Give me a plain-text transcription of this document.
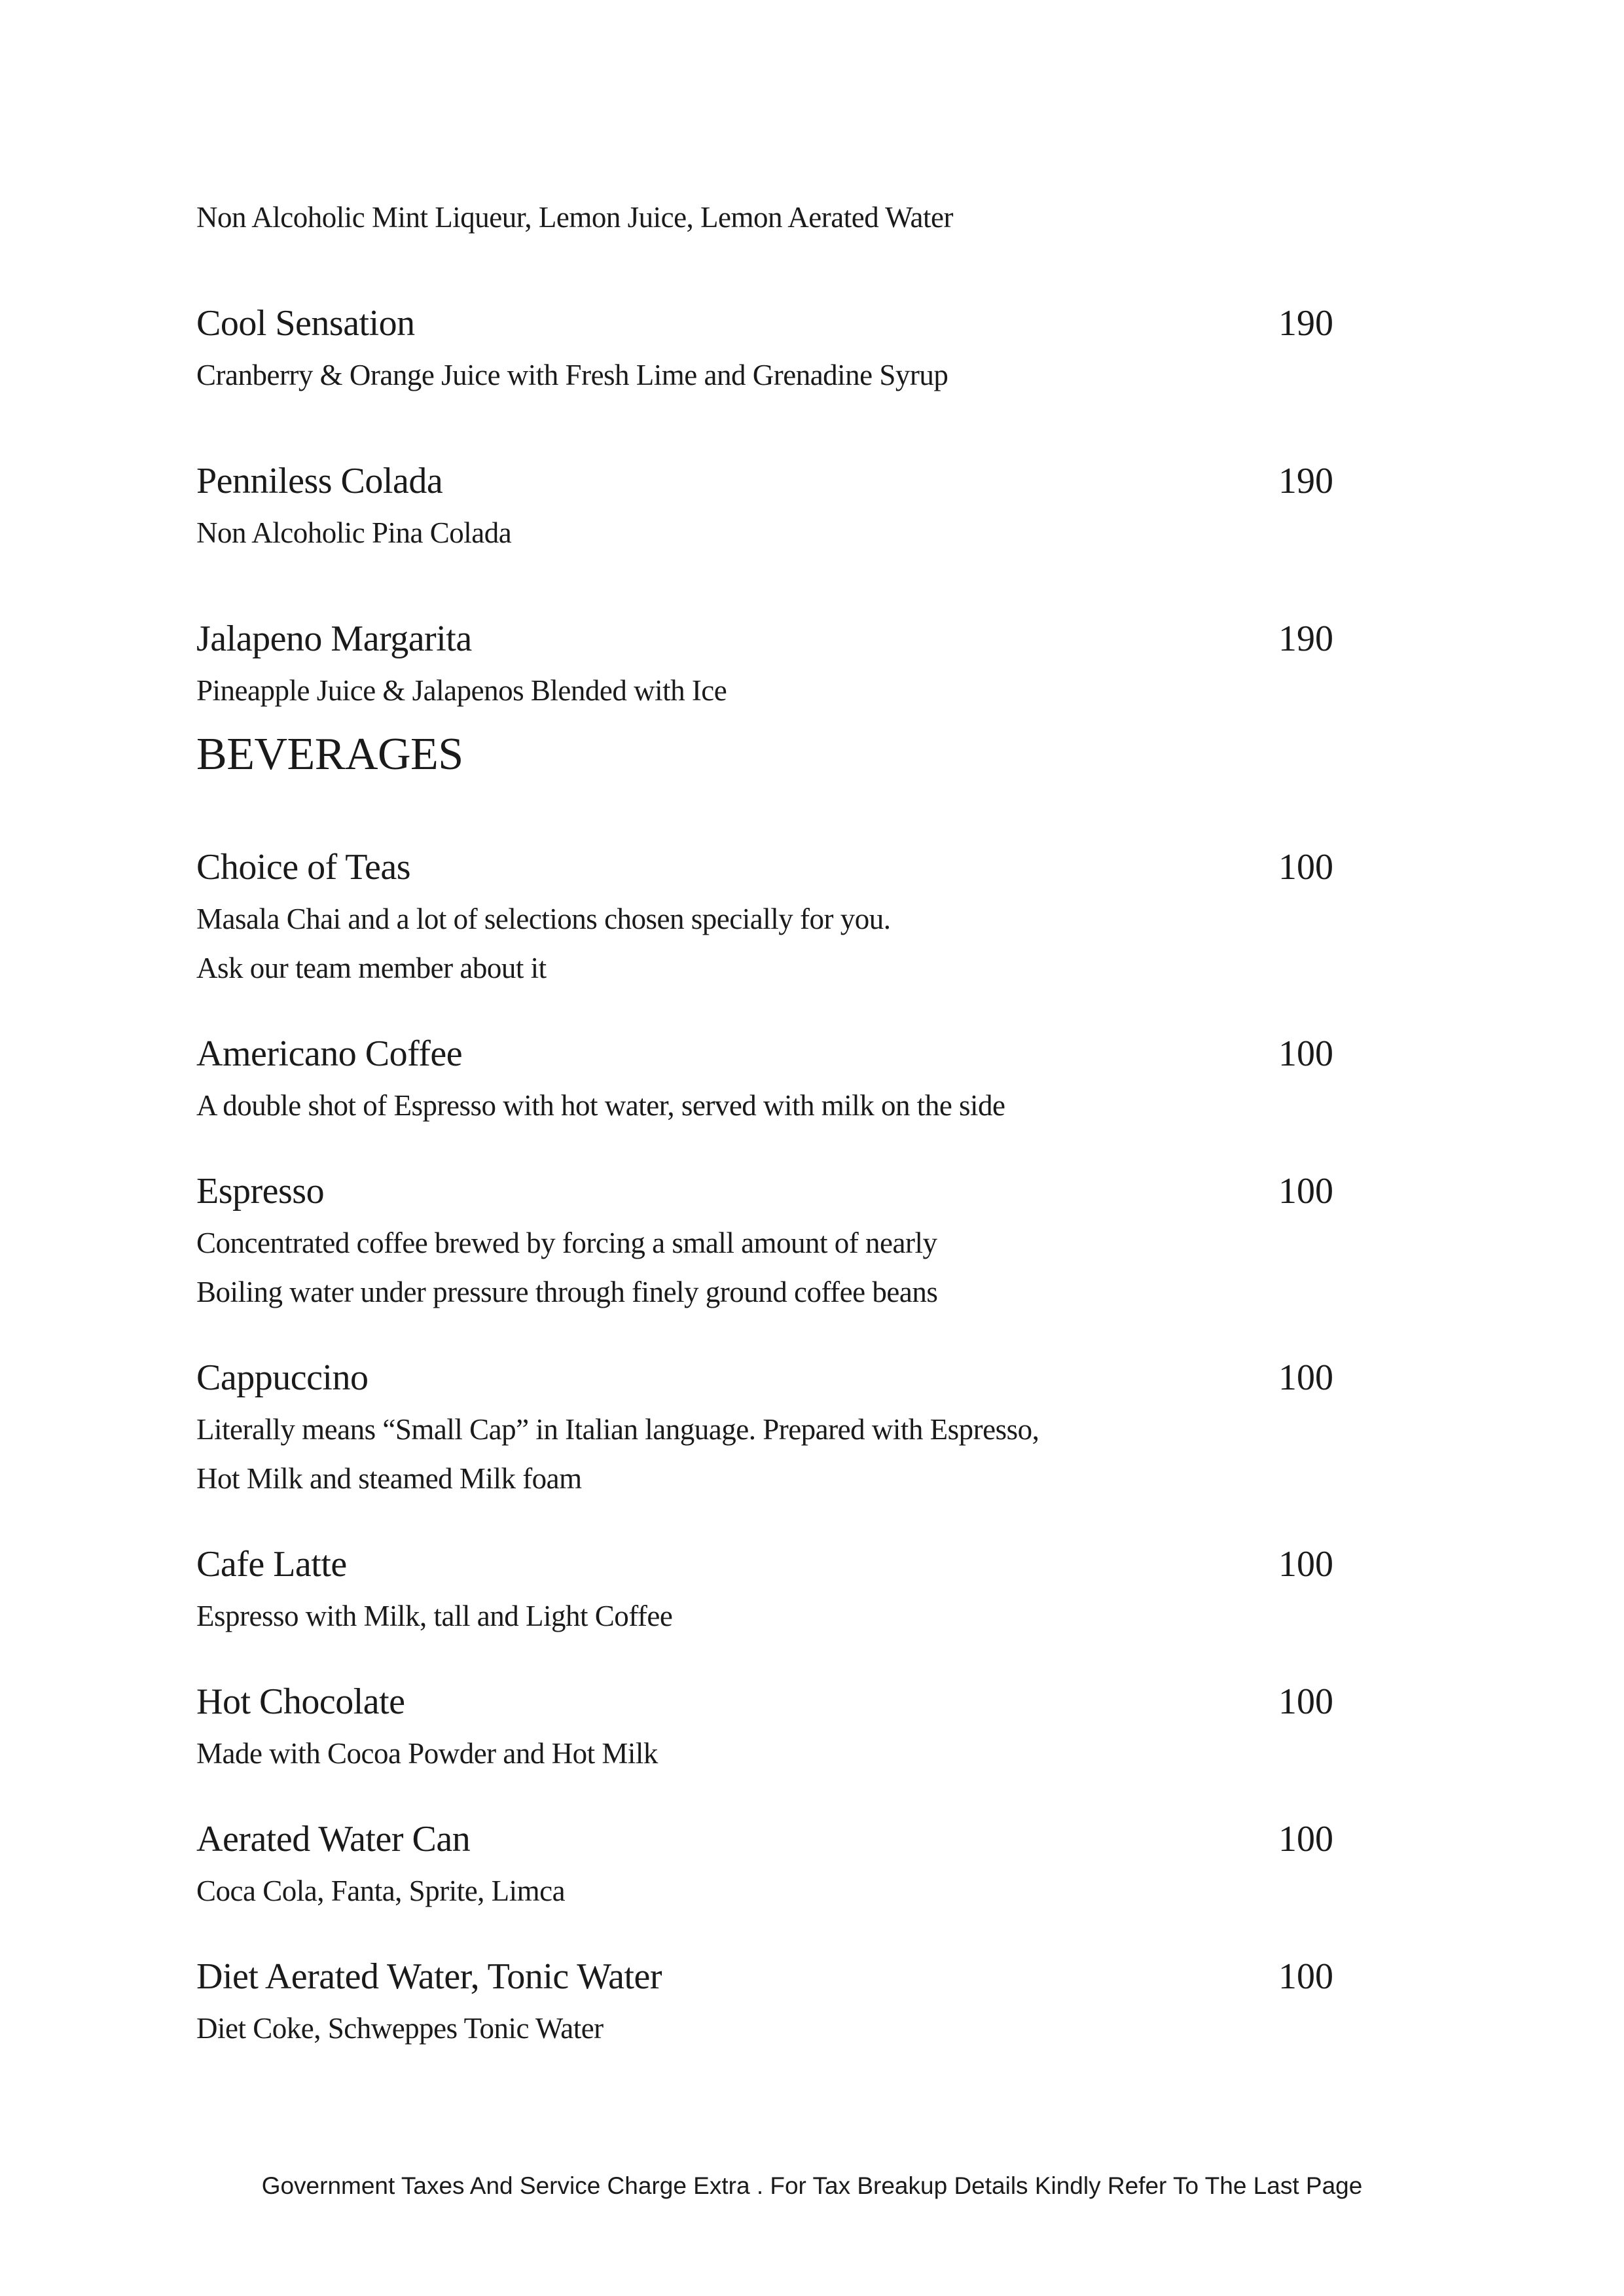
Non Alcoholic Mint Liqueur, Lemon Juice, Lemon Aerated Water
Cool Sensation	190
Cranberry & Orange Juice with Fresh Lime and Grenadine Syrup
Penniless Colada	190
Non Alcoholic Pina Colada
Jalapeno Margarita	190
Pineapple Juice & Jalapenos Blended with Ice
BEVERAGES
Choice of Teas	100
Masala Chai and a lot of selections chosen specially for you.
Ask our team member about it
Americano Coffee	100
A double shot of Espresso with hot water, served with milk on the side
Espresso	100
Concentrated coffee brewed by forcing a small amount of nearly
Boiling water under pressure through finely ground coffee beans
Cappuccino	100
Literally means “Small Cap” in Italian language. Prepared with Espresso,
Hot Milk and steamed Milk foam
Cafe Latte	100
Espresso with Milk, tall and Light Coffee
Hot Chocolate	100
Made with Cocoa Powder and Hot Milk
Aerated Water Can	100
Coca Cola, Fanta, Sprite, Limca
Diet Aerated Water, Tonic Water	100
Diet Coke, Schweppes Tonic Water
Government Taxes And Service Charge Extra . For Tax Breakup Details Kindly Refer To The Last Page
